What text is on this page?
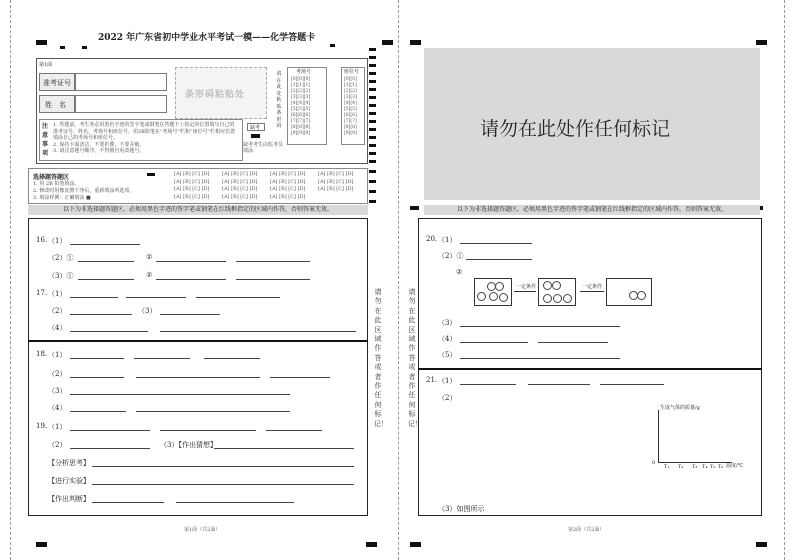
2022 年广东省初中学业水平考试一模——化学答题卡
第1面
准考证号
姓　名
条形码粘贴处
请在此处粘贴条形码
考场号
[0][0][0]
[1][1][1]
[2][2][2]
[3][3][3]
[4][4][4]
[5][5][5]
[6][6][6]
[7][7][7]
[8][8][8]
[9][9][9]
座位号
[0][0]
[1][1]
[2][2]
[3][3]
[4][4]
[5][5]
[6][6]
[7][7]
[8][8]
[9][9]
注意事项
1. 答题前，考生务必用黑色字迹的签字笔或钢笔在答题卡上指定的位置填写自己的准考证号、姓名、考场号和座位号，用2B铅笔在“考场号”栏和“座位号”栏相应位置填涂自己的考场号和座位号。
2. 保持卡面清洁，不要折叠，不要弄破。
3. 请注意题号顺序，不得擅自更改题号。
缺考
缺考考生由监考员填涂
选择题答题区
1. 用 2B 铅笔填涂。
2. 修改时用橡皮擦干净后，重新填涂所选项。
3. 填涂样例：正确填涂 ■
[A] [B] [C] [D]
[A] [B] [C] [D]
[A] [B] [C] [D]
[A] [B] [C] [D]
[A] [B] [C] [D]
[A] [B] [C] [D]
[A] [B] [C] [D]
[A] [B] [C] [D]
[A] [B] [C] [D]
[A] [B] [C] [D]
[A] [B] [C] [D]
[A] [B] [C] [D]
[A] [B] [C] [D]
[A] [B] [C] [D]
[A] [B] [C] [D]
以下为非选择题答题区，必须用黑色字迹的签字笔或钢笔在红线框指定的区域内作答，否则答案无效。
16. （1）
（2）①	②
（3）①	②
17. （1）
（2）	（3）
（4）
18. （1）
（2）
（3）
（4）
19. （1）
（2）	（3）【作出猜想】
【分析思考】
【进行实验】
【作出判断】
第1面（共2面）
请勿在此区域作答或者作任何标记！
请勿在此区域作答或者作任何标记！
请勿在此处作任何标记
以下为非选择题答题区，必须用黑色字迹的签字笔或钢笔在红线框指定的区域内作答，否则答案无效。
20. （1）
（2）①
②
一定条件	一定条件
（3）
（4）
（5）
21. （1）
（2）
生成气体的质量/g
温度/℃
0
T₁ T₂ T₃ T₄ T₅ T₆
（3）如图所示
第2面（共2面）
